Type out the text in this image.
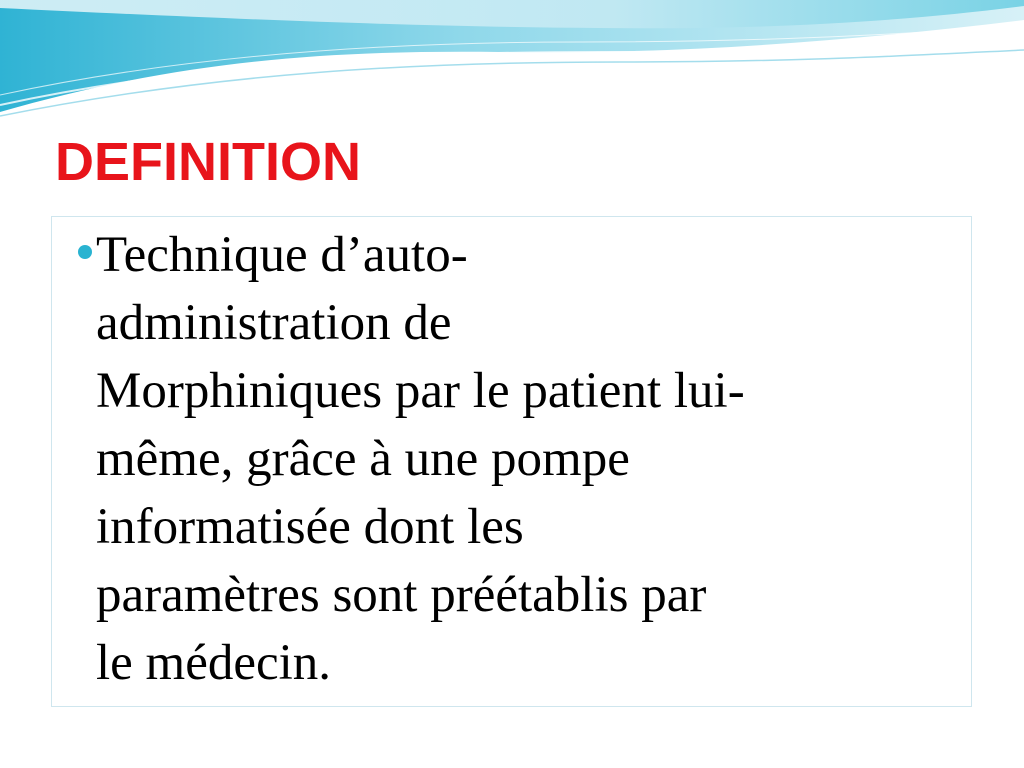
DEFINITION
Technique d’auto-
administration de
Morphiniques par le patient lui-
même, grâce à une pompe
informatisée dont les
paramètres sont préétablis par
le médecin.
